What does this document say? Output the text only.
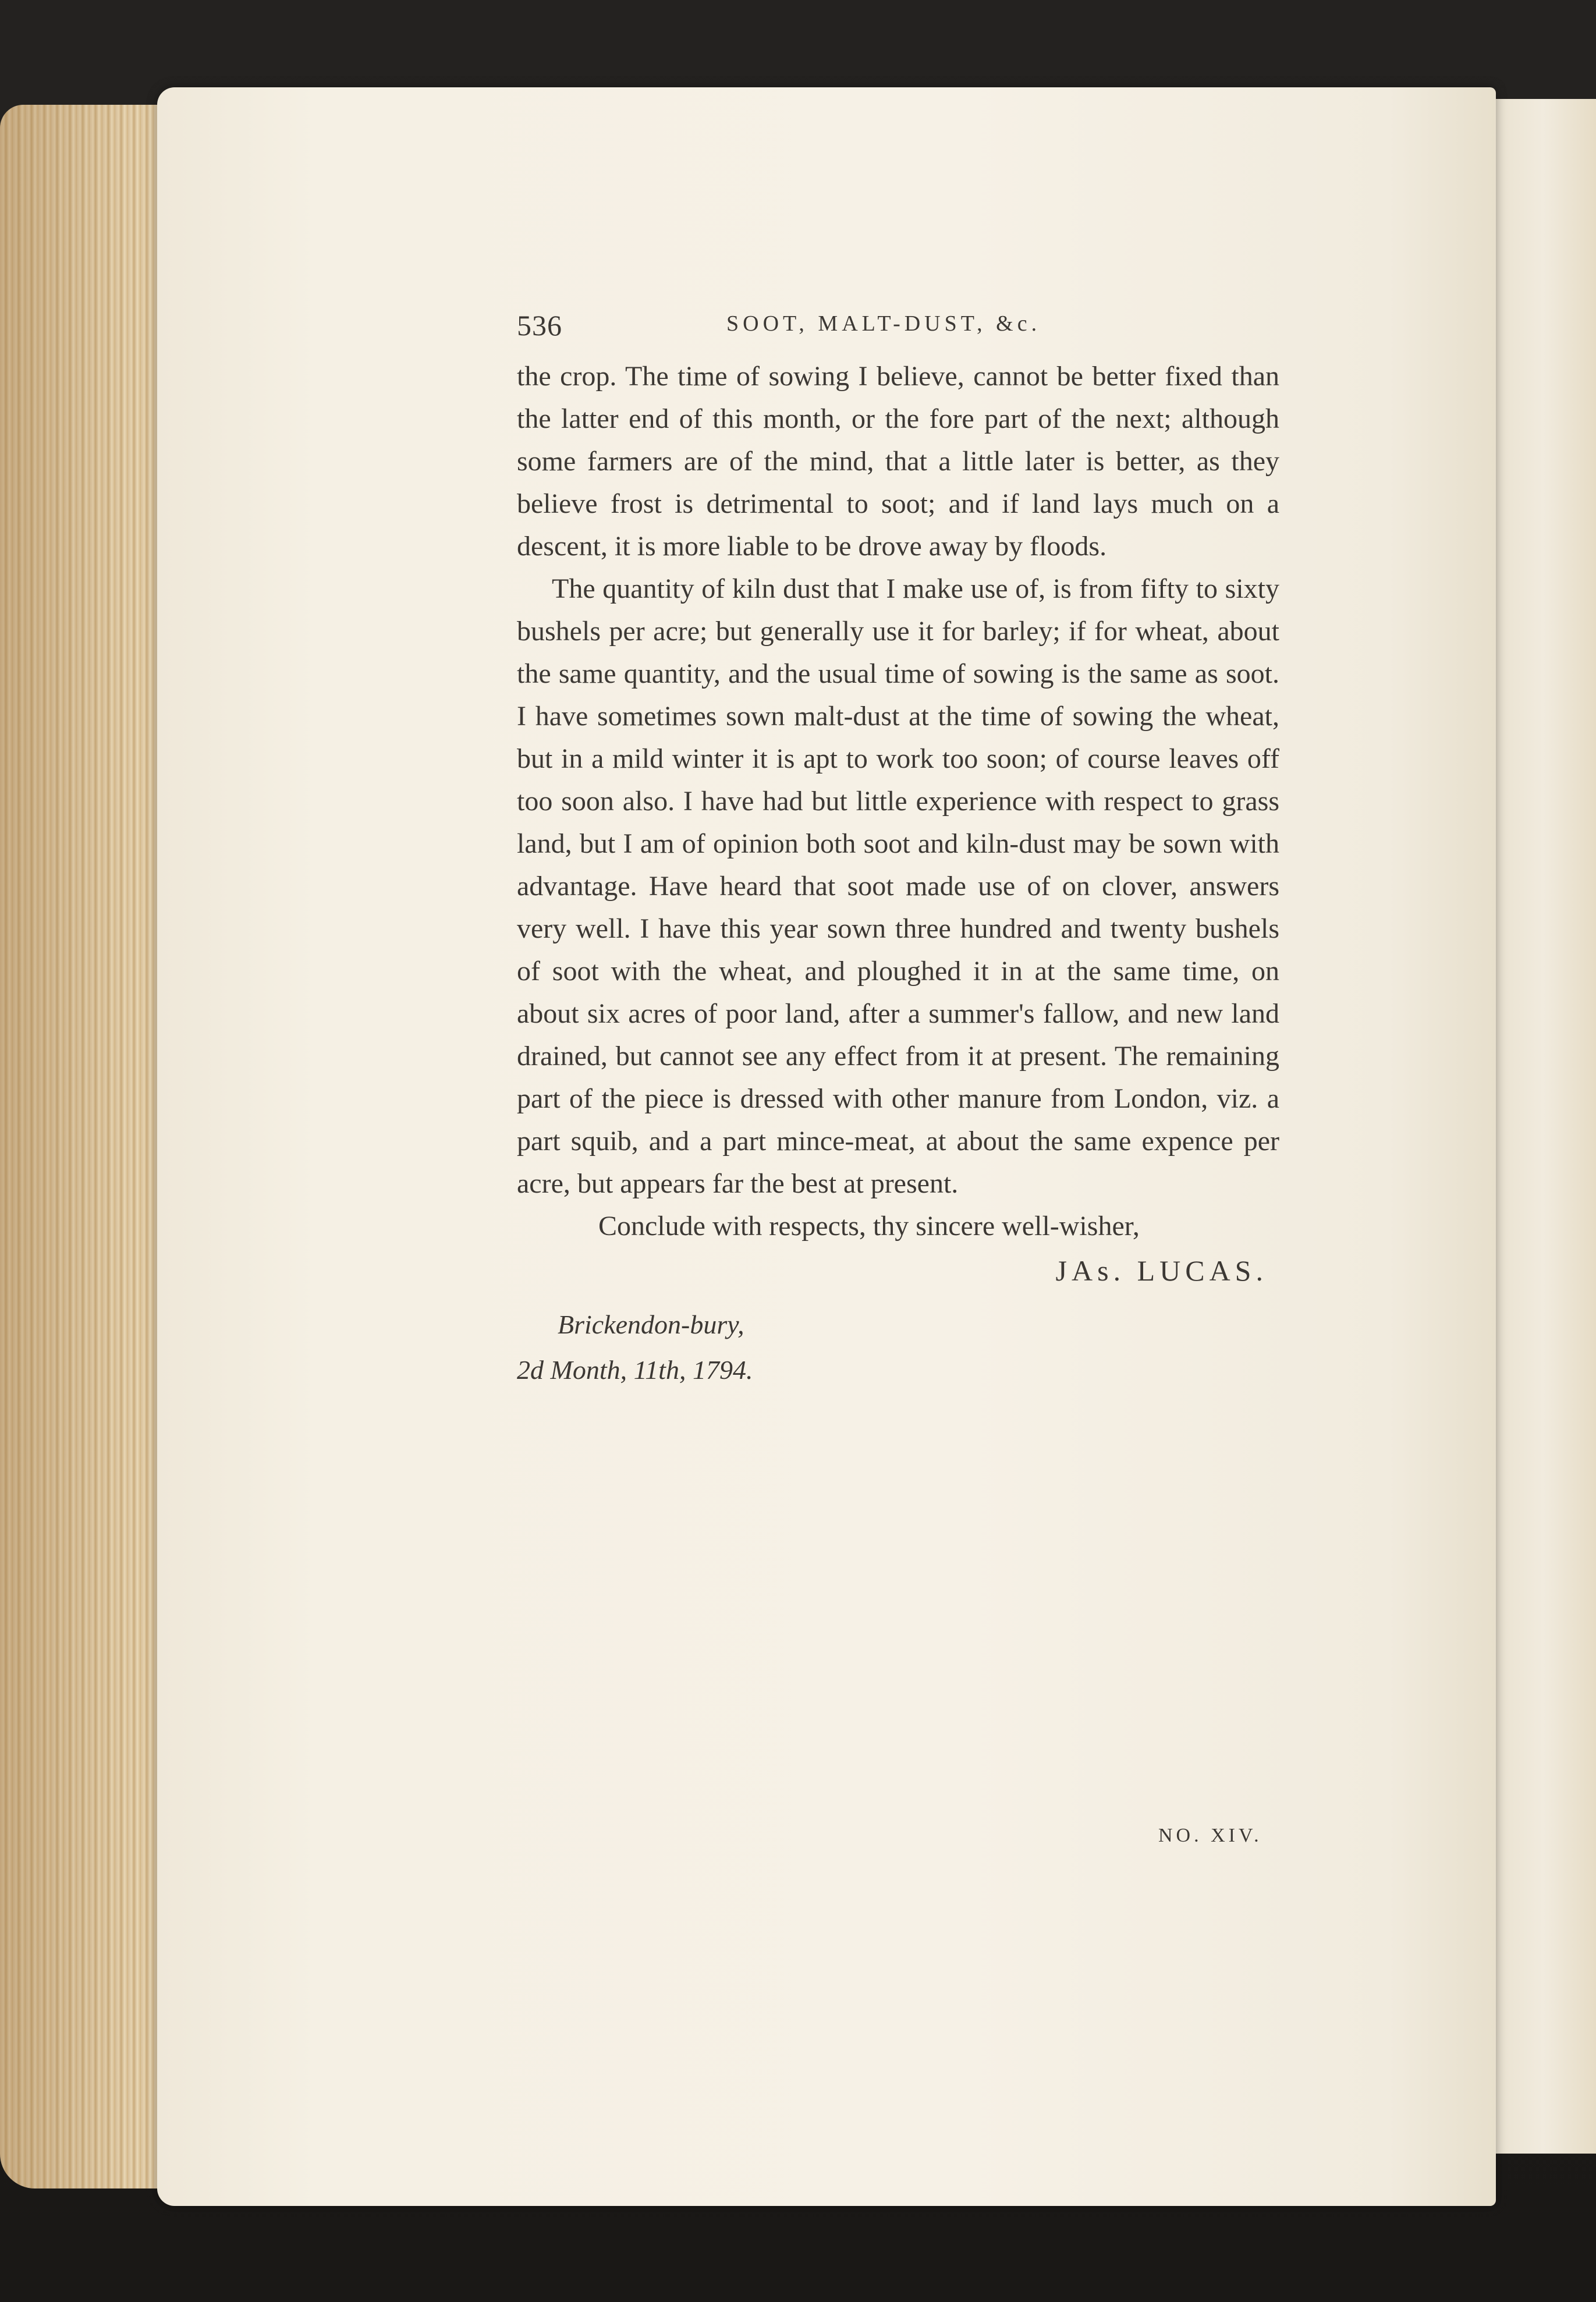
536	SOOT, MALT-DUST, &c.

the crop. The time of sowing I believe, cannot be better fixed than the latter end of this month, or the fore part of the next; although some farmers are of the mind, that a little later is better, as they believe frost is detrimental to soot; and if land lays much on a descent, it is more liable to be drove away by floods.

The quantity of kiln dust that I make use of, is from fifty to sixty bushels per acre; but generally use it for barley; if for wheat, about the same quantity, and the usual time of sowing is the same as soot. I have sometimes sown malt-dust at the time of sowing the wheat, but in a mild winter it is apt to work too soon; of course leaves off too soon also. I have had but little experience with respect to grass land, but I am of opinion both soot and kiln-dust may be sown with advantage. Have heard that soot made use of on clover, answers very well. I have this year sown three hundred and twenty bushels of soot with the wheat, and ploughed it in at the same time, on about six acres of poor land, after a summer's fallow, and new land drained, but cannot see any effect from it at present. The remaining part of the piece is dressed with other manure from London, viz. a part squib, and a part mince-meat, at about the same expence per acre, but appears far the best at present.

Conclude with respects, thy sincere well-wisher,

JAs. LUCAS.

Brickendon-bury,
2d Month, 11th, 1794.
NO. XIV.
